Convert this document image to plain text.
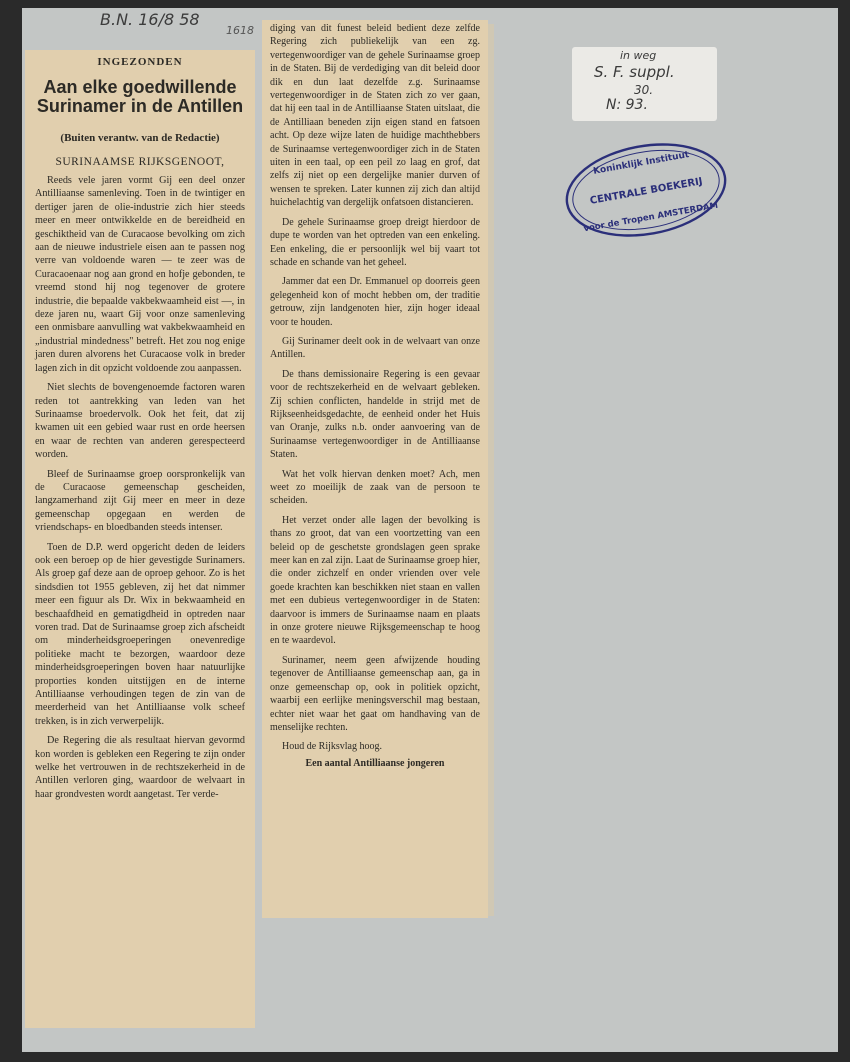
B.N. 16/8 58
1618
INGEZONDEN
Aan elke goedwillende Surinamer in de Antillen
(Buiten verantw. van de Redactie)
SURINAAMSE RIJKSGENOOT,

Reeds vele jaren vormt Gij een deel onzer Antilliaanse samenleving. Toen in de twintiger en dertiger jaren de olie-industrie zich hier steeds meer en meer ontwikkelde en de bereidheid en geschiktheid van de Curacaose bevolking om zich aan de nieuwe industriele eisen aan te passen nog verre van voldoende waren — te zeer was de Curacaoenaar nog aan grond en hofje gebonden, te vreemd stond hij nog tegenover de grotere industrie, die bepaalde vakbekwaamheid eist —, in deze jaren nu, waart Gij voor onze samenleving een onmisbare aanvulling wat vakbekwaamheid en „industrial mindedness" betreft. Het zou nog enige jaren duren alvorens het Curacaose volk in breder lagen zich in dit opzicht voldoende zou aanpassen.

Niet slechts de bovengenoemde factoren waren reden tot aantrekking van leden van het Surinaamse broedervolk. Ook het feit, dat zij kwamen uit een gebied waar rust en orde heersen en waar de rechten van anderen gerespecteerd worden.

Bleef de Surinaamse groep oorspronkelijk van de Curacaose gemeenschap gescheiden, langzamerhand zijt Gij meer en meer in deze gemeenschap opgegaan en werden de vriendschaps- en bloedbanden steeds intenser.

Toen de D.P. werd opgericht deden de leiders ook een beroep op de hier gevestigde Surinamers. Als groep gaf deze aan de oproep gehoor. Zo is het sindsdien tot 1955 gebleven, zij het dat nimmer meer een figuur als Dr. Wix in bekwaamheid en beschaafdheid en gematigdheid in optreden naar voren trad. Dat de Surinaamse groep zich afscheidt om minderheidsgroeperingen onevenredige politieke macht te bezorgen, waardoor deze minderheidsgroeperingen boven haar natuurlijke proporties konden uitstijgen en de interne Antilliaanse verhoudingen tegen de zin van de meerderheid van het Antilliaanse volk scheef trekken, is in zich verwerpelijk.

De Regering die als resultaat hiervan gevormd kon worden is gebleken een Regering te zijn onder welke het vertrouwen in de rechtszekerheid in de Antillen verloren ging, waardoor de welvaart in haar grondvesten wordt aangetast. Ter verde-

diging van dit funest beleid bedient deze zelfde Regering zich publiekelijk van een zg. vertegenwoordiger van de gehele Surinaamse groep in de Staten. Bij de verdediging van dit beleid door dik en dun laat dezelfde z.g. Surinaamse vertegenwoordiger in de Staten zich zo ver gaan, dat hij een taal in de Antilliaanse Staten uitslaat, die de Antilliaan beneden zijn eigen stand en fatsoen acht. Op deze wijze laten de huidige machthebbers de Surinaamse vertegenwoordiger zich in de Staten uiten in een taal, op een peil zo laag en grof, dat zelfs zij niet op een dergelijke manier durven of wensen te spreken. Later kunnen zij zich dan altijd huichelachtig van dergelijk onfatsoen distancieren.

De gehele Surinaamse groep dreigt hierdoor de dupe te worden van het optreden van een enkeling. Een enkeling, die er persoonlijk wel bij vaart tot schade en schande van het geheel.

Jammer dat een Dr. Emmanuel op doorreis geen gelegenheid kon of mocht hebben om, der traditie getrouw, zijn landgenoten hier, zijn hoger ideaal voor te houden.

Gij Surinamer deelt ook in de welvaart van onze Antillen.

De thans demissionaire Regering is een gevaar voor de rechtszekerheid en de welvaart gebleken. Zij schien conflicten, handelde in strijd met de Rijkseenheidsgedachte, de eenheid onder het Huis van Oranje, zulks n.b. onder aanvoering van de Surinaamse vertegenwoordiger in de Antilliaanse Staten.

Wat het volk hiervan denken moet? Ach, men weet zo moeilijk de zaak van de persoon te scheiden.

Het verzet onder alle lagen der bevolking is thans zo groot, dat van een voortzetting van een beleid op de geschetste grondslagen geen sprake meer kan en zal zijn. Laat de Surinaamse groep hier, die onder zichzelf en onder vrienden over vele goede krachten kan beschikken niet staan en vallen met een dubieus vertegenwoordiger in de Staten: daarvoor is immers de Surinaamse naam en plaats in onze grotere nieuwe Rijksgemeenschap te hoog en te waardevol.

Surinamer, neem geen afwijzende houding tegenover de Antilliaanse gemeenschap aan, ga in onze gemeenschap op, ook in politiek opzicht, waarbij een eerlijke meningsverschil mag bestaan, echter niet waar het gaat om handhaving van de menselijke rechten.

Houd de Rijksvlag hoog.

Een aantal Antilliaanse jongeren
in weg
S. F. suppl.
30.
N: 93.
Koninklijk Instituut
CENTRALE BOEKERIJ
voor de Tropen AMSTERDAM
